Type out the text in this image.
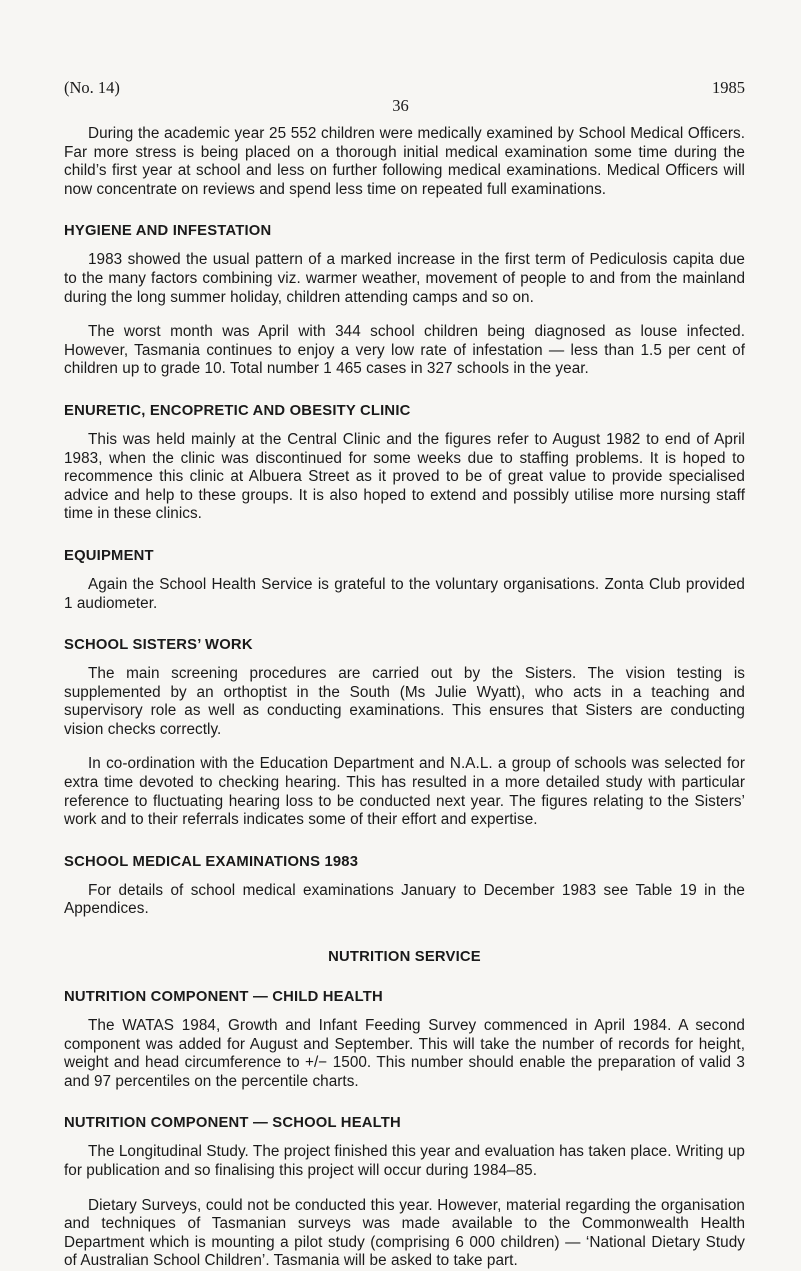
(No. 14)	1985
36

During the academic year 25 552 children were medically examined by School Medical Officers. Far more stress is being placed on a thorough initial medical examination some time during the child’s first year at school and less on further following medical examinations. Medical Officers will now concentrate on reviews and spend less time on repeated full examinations.

HYGIENE AND INFESTATION

1983 showed the usual pattern of a marked increase in the first term of Pediculosis capita due to the many factors combining viz. warmer weather, movement of people to and from the mainland during the long summer holiday, children attending camps and so on.

The worst month was April with 344 school children being diagnosed as louse infected. However, Tasmania continues to enjoy a very low rate of infestation — less than 1.5 per cent of children up to grade 10. Total number 1 465 cases in 327 schools in the year.

ENURETIC, ENCOPRETIC AND OBESITY CLINIC

This was held mainly at the Central Clinic and the figures refer to August 1982 to end of April 1983, when the clinic was discontinued for some weeks due to staffing problems. It is hoped to recommence this clinic at Albuera Street as it proved to be of great value to provide specialised advice and help to these groups. It is also hoped to extend and possibly utilise more nursing staff time in these clinics.

EQUIPMENT

Again the School Health Service is grateful to the voluntary organisations. Zonta Club provided 1 audiometer.

SCHOOL SISTERS’ WORK

The main screening procedures are carried out by the Sisters. The vision testing is supplemented by an orthoptist in the South (Ms Julie Wyatt), who acts in a teaching and supervisory role as well as conducting examinations. This ensures that Sisters are conducting vision checks correctly.

In co-ordination with the Education Department and N.A.L. a group of schools was selected for extra time devoted to checking hearing. This has resulted in a more detailed study with particular reference to fluctuating hearing loss to be conducted next year. The figures relating to the Sisters’ work and to their referrals indicates some of their effort and expertise.

SCHOOL MEDICAL EXAMINATIONS 1983

For details of school medical examinations January to December 1983 see Table 19 in the Appendices.

NUTRITION SERVICE
NUTRITION COMPONENT — CHILD HEALTH

The WATAS 1984, Growth and Infant Feeding Survey commenced in April 1984. A second component was added for August and September. This will take the number of records for height, weight and head circumference to +/− 1500. This number should enable the preparation of valid 3 and 97 percentiles on the percentile charts.

NUTRITION COMPONENT — SCHOOL HEALTH

The Longitudinal Study. The project finished this year and evaluation has taken place. Writing up for publication and so finalising this project will occur during 1984–85.

Dietary Surveys, could not be conducted this year. However, material regarding the organisation and techniques of Tasmanian surveys was made available to the Commonwealth Health Department which is mounting a pilot study (comprising 6 000 children) — ‘National Dietary Study of Australian School Children’. Tasmania will be asked to take part.
